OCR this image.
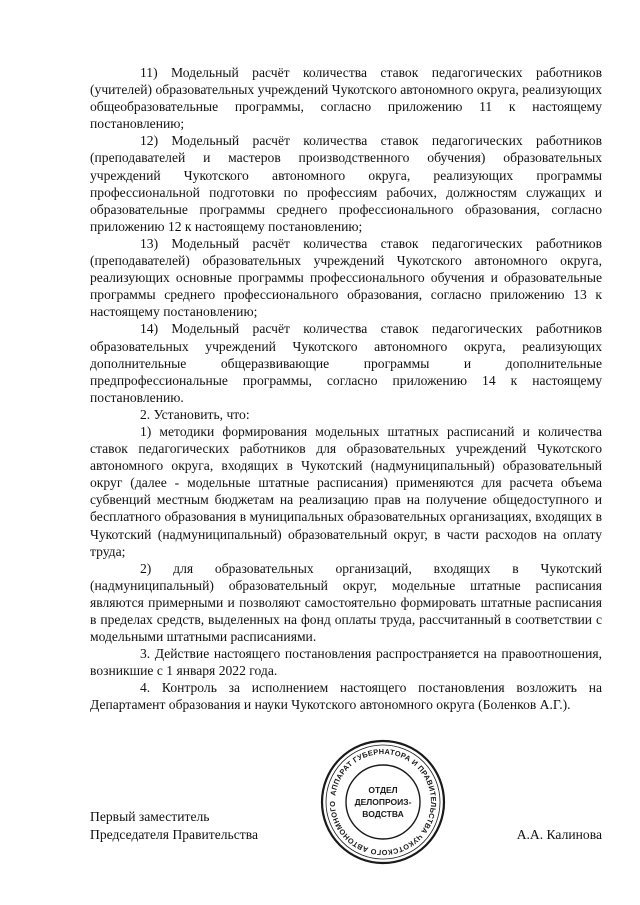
11) Модельный расчёт количества ставок педагогических работников (учителей) образовательных учреждений Чукотского автономного округа, реализующих общеобразовательные программы, согласно приложению 11 к настоящему постановлению;

12) Модельный расчёт количества ставок педагогических работников (преподавателей и мастеров производственного обучения) образовательных учреждений Чукотского автономного округа, реализующих программы профессиональной подготовки по профессиям рабочих, должностям служащих и образовательные программы среднего профессионального образования, согласно приложению 12 к настоящему постановлению;

13) Модельный расчёт количества ставок педагогических работников (преподавателей) образовательных учреждений Чукотского автономного округа, реализующих основные программы профессионального обучения и образовательные программы среднего профессионального образования, согласно приложению 13 к настоящему постановлению;

14) Модельный расчёт количества ставок педагогических работников образовательных учреждений Чукотского автономного округа, реализующих дополнительные общеразвивающие программы и дополнительные предпрофессиональные программы, согласно приложению 14 к настоящему постановлению.

2. Установить, что:

1) методики формирования модельных штатных расписаний и количества ставок педагогических работников для образовательных учреждений Чукотского автономного округа, входящих в Чукотский (надмуниципальный) образовательный округ (далее - модельные штатные расписания) применяются для расчета объема субвенций местным бюджетам на реализацию прав на получение общедоступного и бесплатного образования в муниципальных образовательных организациях, входящих в Чукотский (надмуниципальный) образовательный округ, в части расходов на оплату труда;

2) для образовательных организаций, входящих в Чукотский (надмуниципальный) образовательный округ, модельные штатные расписания являются примерными и позволяют самостоятельно формировать штатные расписания в пределах средств, выделенных на фонд оплаты труда, рассчитанный в соответствии с модельными штатными расписаниями.

3. Действие настоящего постановления распространяется на правоотношения, возникшие с 1 января 2022 года.

4. Контроль за исполнением настоящего постановления возложить на Департамент образования и науки Чукотского автономного округа (Боленков А.Г.).

Первый заместитель
Председателя Правительства	А.А. Калинова
АППАРАТ ГУБЕРНАТОРА И ПРАВИТЕЛЬСТВА ЧУКОТСКОГО АВТОНОМНОГО
ОТДЕЛ
ДЕЛОПРОИЗ-
ВОДСТВА
